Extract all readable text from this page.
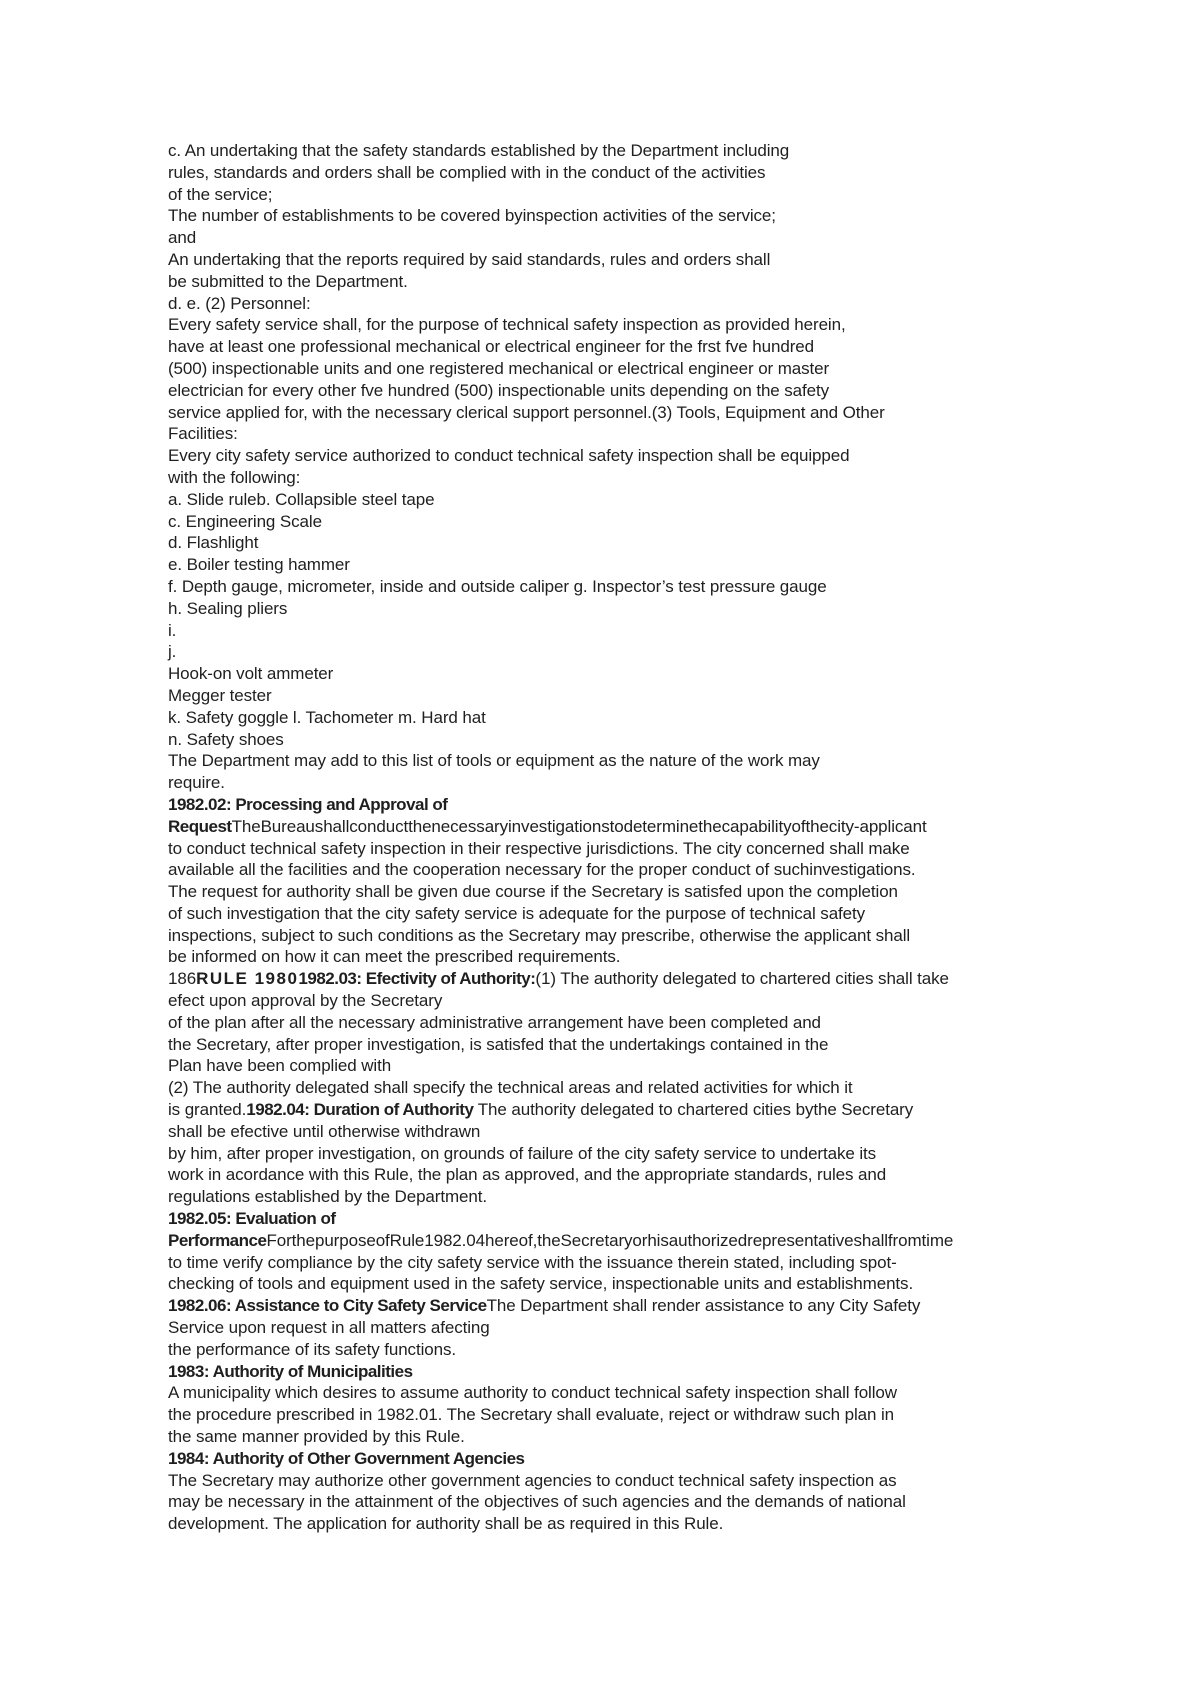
c. An undertaking that the safety standards established by the Department including
rules, standards and orders shall be complied with in the conduct of the activities
of the service;
The number of establishments to be covered byinspection activities of the service;
and
An undertaking that the reports required by said standards, rules and orders shall
be submitted to the Department.
d. e. (2) Personnel:
Every safety service shall, for the purpose of technical safety inspection as provided herein,
have at least one professional mechanical or electrical engineer for the frst fve hundred
(500) inspectionable units and one registered mechanical or electrical engineer or master
electrician for every other fve hundred (500) inspectionable units depending on the safety
service applied for, with the necessary clerical support personnel.(3) Tools, Equipment and Other
Facilities:
Every city safety service authorized to conduct technical safety inspection shall be equipped
with the following:
a. Slide ruleb. Collapsible steel tape
c. Engineering Scale
d. Flashlight
e. Boiler testing hammer
f. Depth gauge, micrometer, inside and outside caliper g. Inspector’s test pressure gauge
h. Sealing pliers
i.
j.
Hook-on volt ammeter
Megger tester
k. Safety goggle l. Tachometer m. Hard hat
n. Safety shoes
The Department may add to this list of tools or equipment as the nature of the work may
require.
1982.02: Processing and Approval of
RequestTheBureaushallconductthenecessaryinvestigationstodeterminethecapabilityofthecity-applicant
to conduct technical safety inspection in their respective jurisdictions. The city concerned shall make
available all the facilities and the cooperation necessary for the proper conduct of suchinvestigations.
The request for authority shall be given due course if the Secretary is satisfed upon the completion
of such investigation that the city safety service is adequate for the purpose of technical safety
inspections, subject to such conditions as the Secretary may prescribe, otherwise the applicant shall
be informed on how it can meet the prescribed requirements.
186RULE 19801982.03: Efectivity of Authority:(1) The authority delegated to chartered cities shall take
efect upon approval by the Secretary
of the plan after all the necessary administrative arrangement have been completed and
the Secretary, after proper investigation, is satisfed that the undertakings contained in the
Plan have been complied with
(2) The authority delegated shall specify the technical areas and related activities for which it
is granted.1982.04: Duration of Authority The authority delegated to chartered cities bythe Secretary
shall be efective until otherwise withdrawn
by him, after proper investigation, on grounds of failure of the city safety service to undertake its
work in acordance with this Rule, the plan as approved, and the appropriate standards, rules and
regulations established by the Department.
1982.05: Evaluation of
PerformanceForthepurposeofRule1982.04hereof,theSecretaryorhisauthorizedrepresentativeshallfromtime
to time verify compliance by the city safety service with the issuance therein stated, including spot-
checking of tools and equipment used in the safety service, inspectionable units and establishments.
1982.06: Assistance to City Safety ServiceThe Department shall render assistance to any City Safety
Service upon request in all matters afecting
the performance of its safety functions.
1983: Authority of Municipalities
A municipality which desires to assume authority to conduct technical safety inspection shall follow
the procedure prescribed in 1982.01. The Secretary shall evaluate, reject or withdraw such plan in
the same manner provided by this Rule.
1984: Authority of Other Government Agencies
The Secretary may authorize other government agencies to conduct technical safety inspection as
may be necessary in the attainment of the objectives of such agencies and the demands of national
development. The application for authority shall be as required in this Rule.
